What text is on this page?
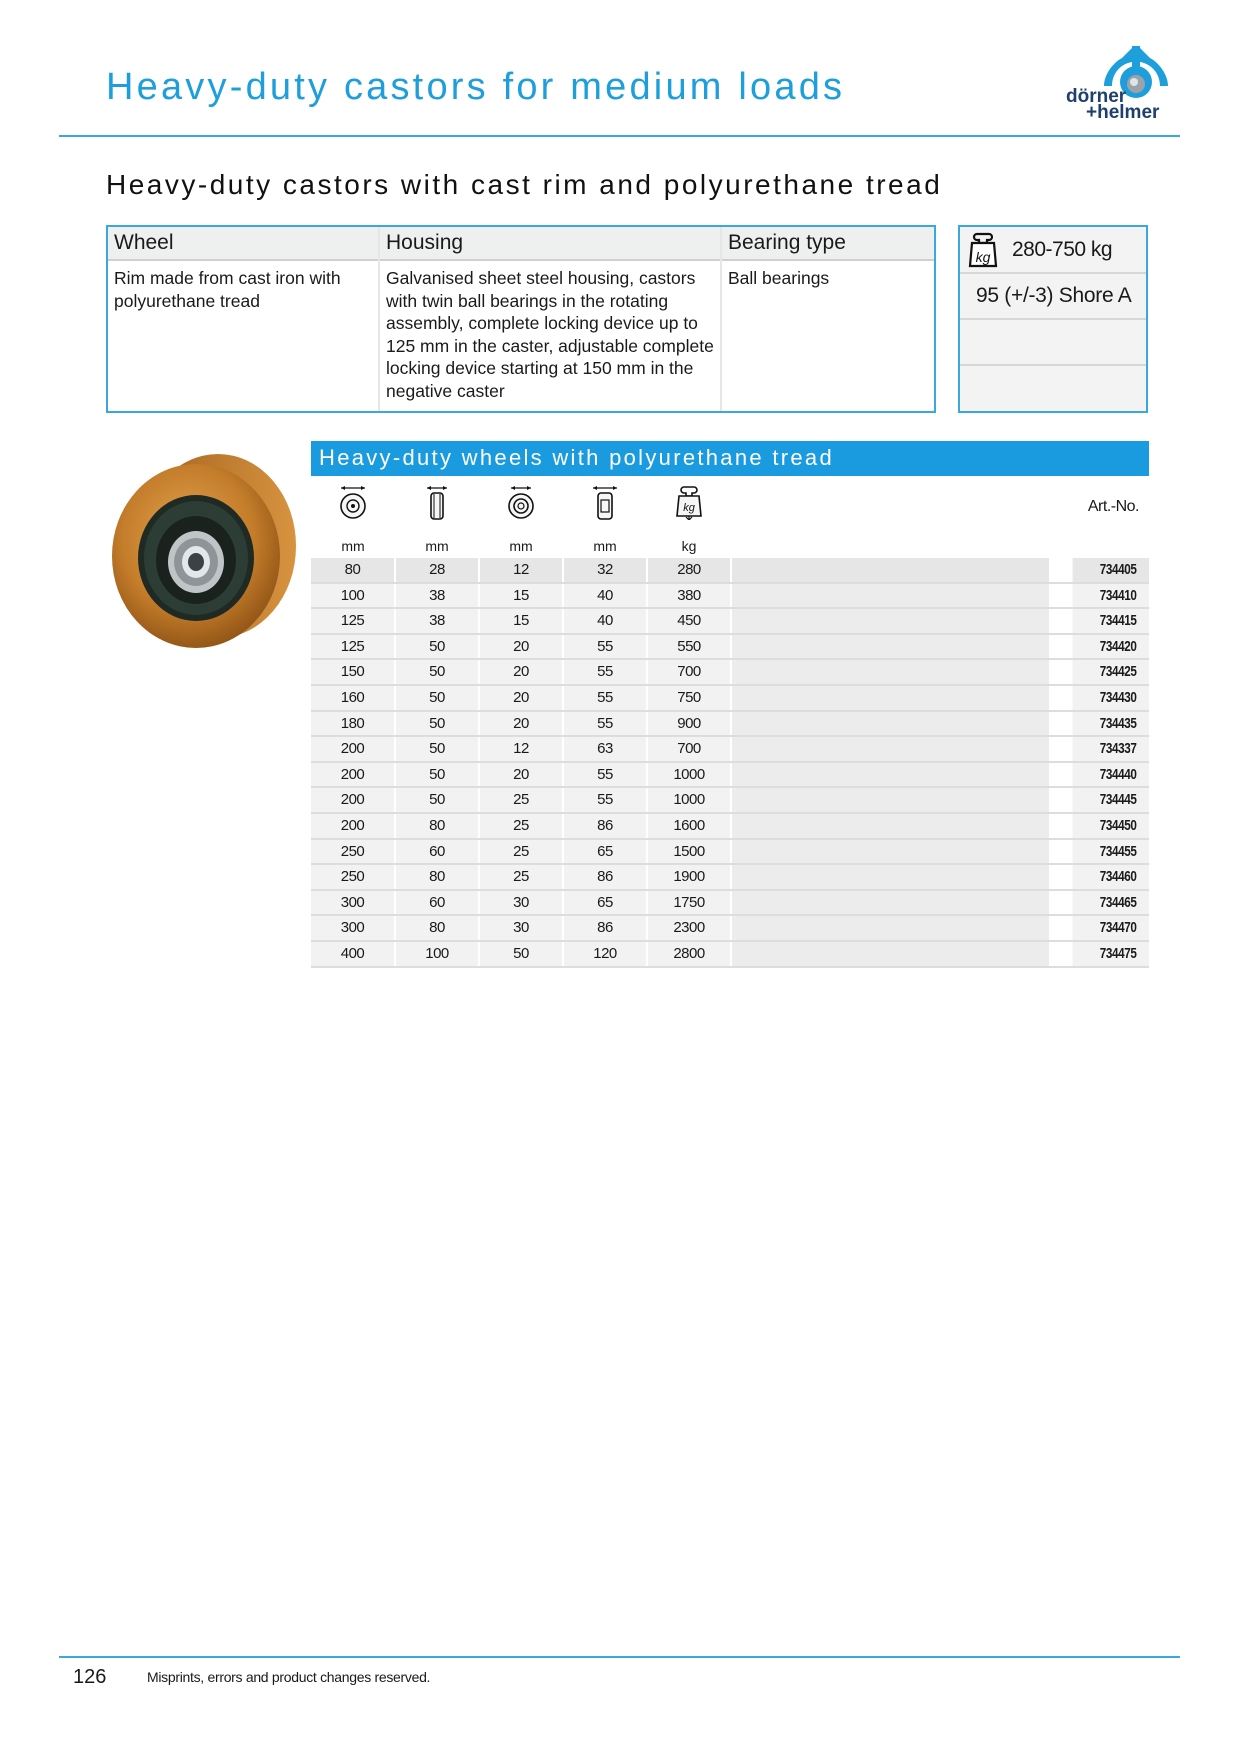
Heavy-duty castors for medium loads	dörner
+helmer
Heavy-duty castors with cast rim and polyurethane tread
Wheel
Rim made from cast iron with polyurethane tread
Housing
Galvanised sheet steel housing, castors with twin ball bearings in the rotating assembly, complete locking device up to 125 mm in the caster, adjustable complete locking device starting at 150 mm in the negative caster
Bearing type
Ball bearings
kg 280-750 kg
95 (+/-3) Shore A
Heavy-duty wheels with polyurethane tread
kg	Art.-No.
mm	mm	mm	mm	kg
80	28	12	32	280	734405
100	38	15	40	380	734410
125	38	15	40	450	734415
125	50	20	55	550	734420
150	50	20	55	700	734425
160	50	20	55	750	734430
180	50	20	55	900	734435
200	50	12	63	700	734337
200	50	20	55	1000	734440
200	50	25	55	1000	734445
200	80	25	86	1600	734450
250	60	25	65	1500	734455
250	80	25	86	1900	734460
300	60	30	65	1750	734465
300	80	30	86	2300	734470
400	100	50	120	2800	734475
126	Misprints, errors and product changes reserved.
